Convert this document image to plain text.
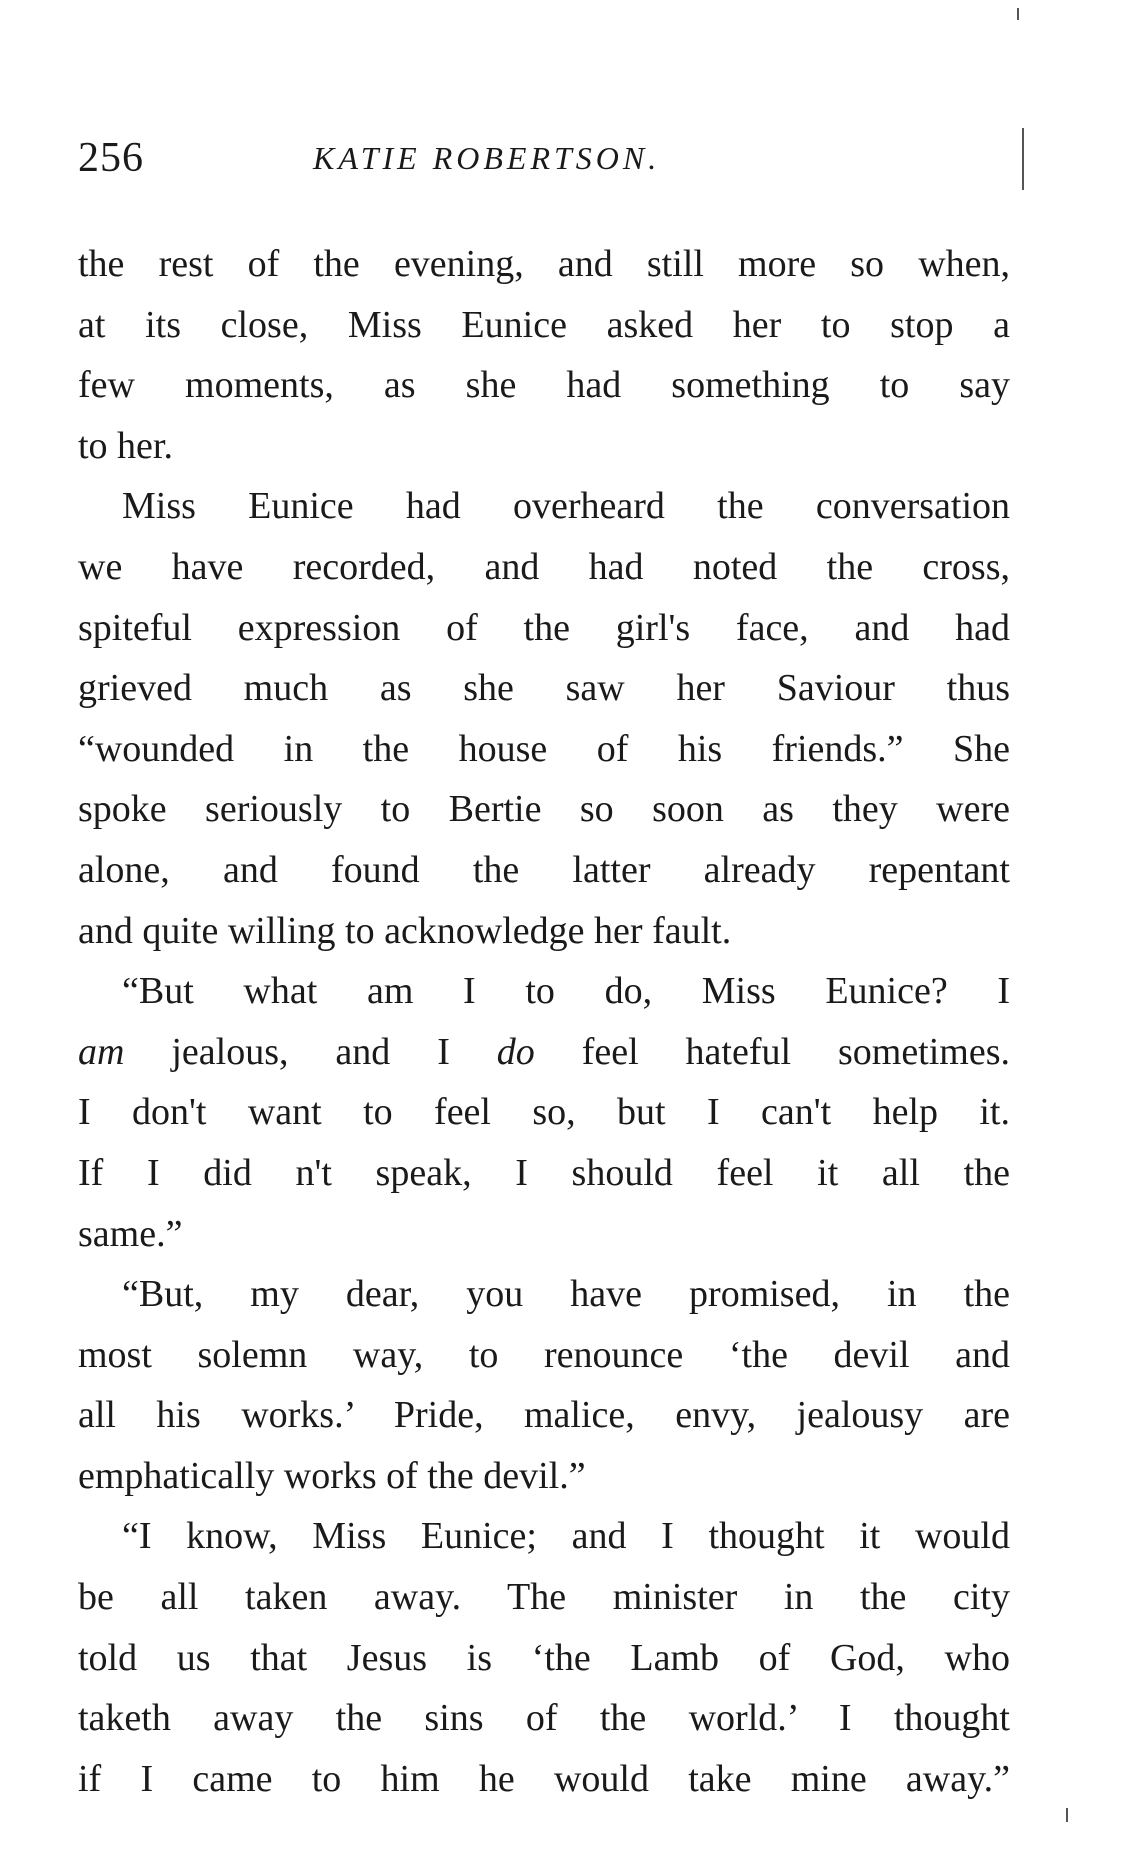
256	KATIE ROBERTSON.

the rest of the evening, and still more so when,

at its close, Miss Eunice asked her to stop a

few moments, as she had something to say

to her.

Miss Eunice had overheard the conversation

we have recorded, and had noted the cross,

spiteful expression of the girl's face, and had

grieved much as she saw her Saviour thus

“wounded in the house of his friends.” She

spoke seriously to Bertie so soon as they were

alone, and found the latter already repentant

and quite willing to acknowledge her fault.

“But what am I to do, Miss Eunice? I

am jealous, and I do feel hateful sometimes.

I don't want to feel so, but I can't help it.

If I did n't speak, I should feel it all the

same.”

“But, my dear, you have promised, in the

most solemn way, to renounce ‘the devil and

all his works.’ Pride, malice, envy, jealousy are

emphatically works of the devil.”

“I know, Miss Eunice; and I thought it would

be all taken away. The minister in the city

told us that Jesus is ‘the Lamb of God, who

taketh away the sins of the world.’ I thought

if I came to him he would take mine away.”
